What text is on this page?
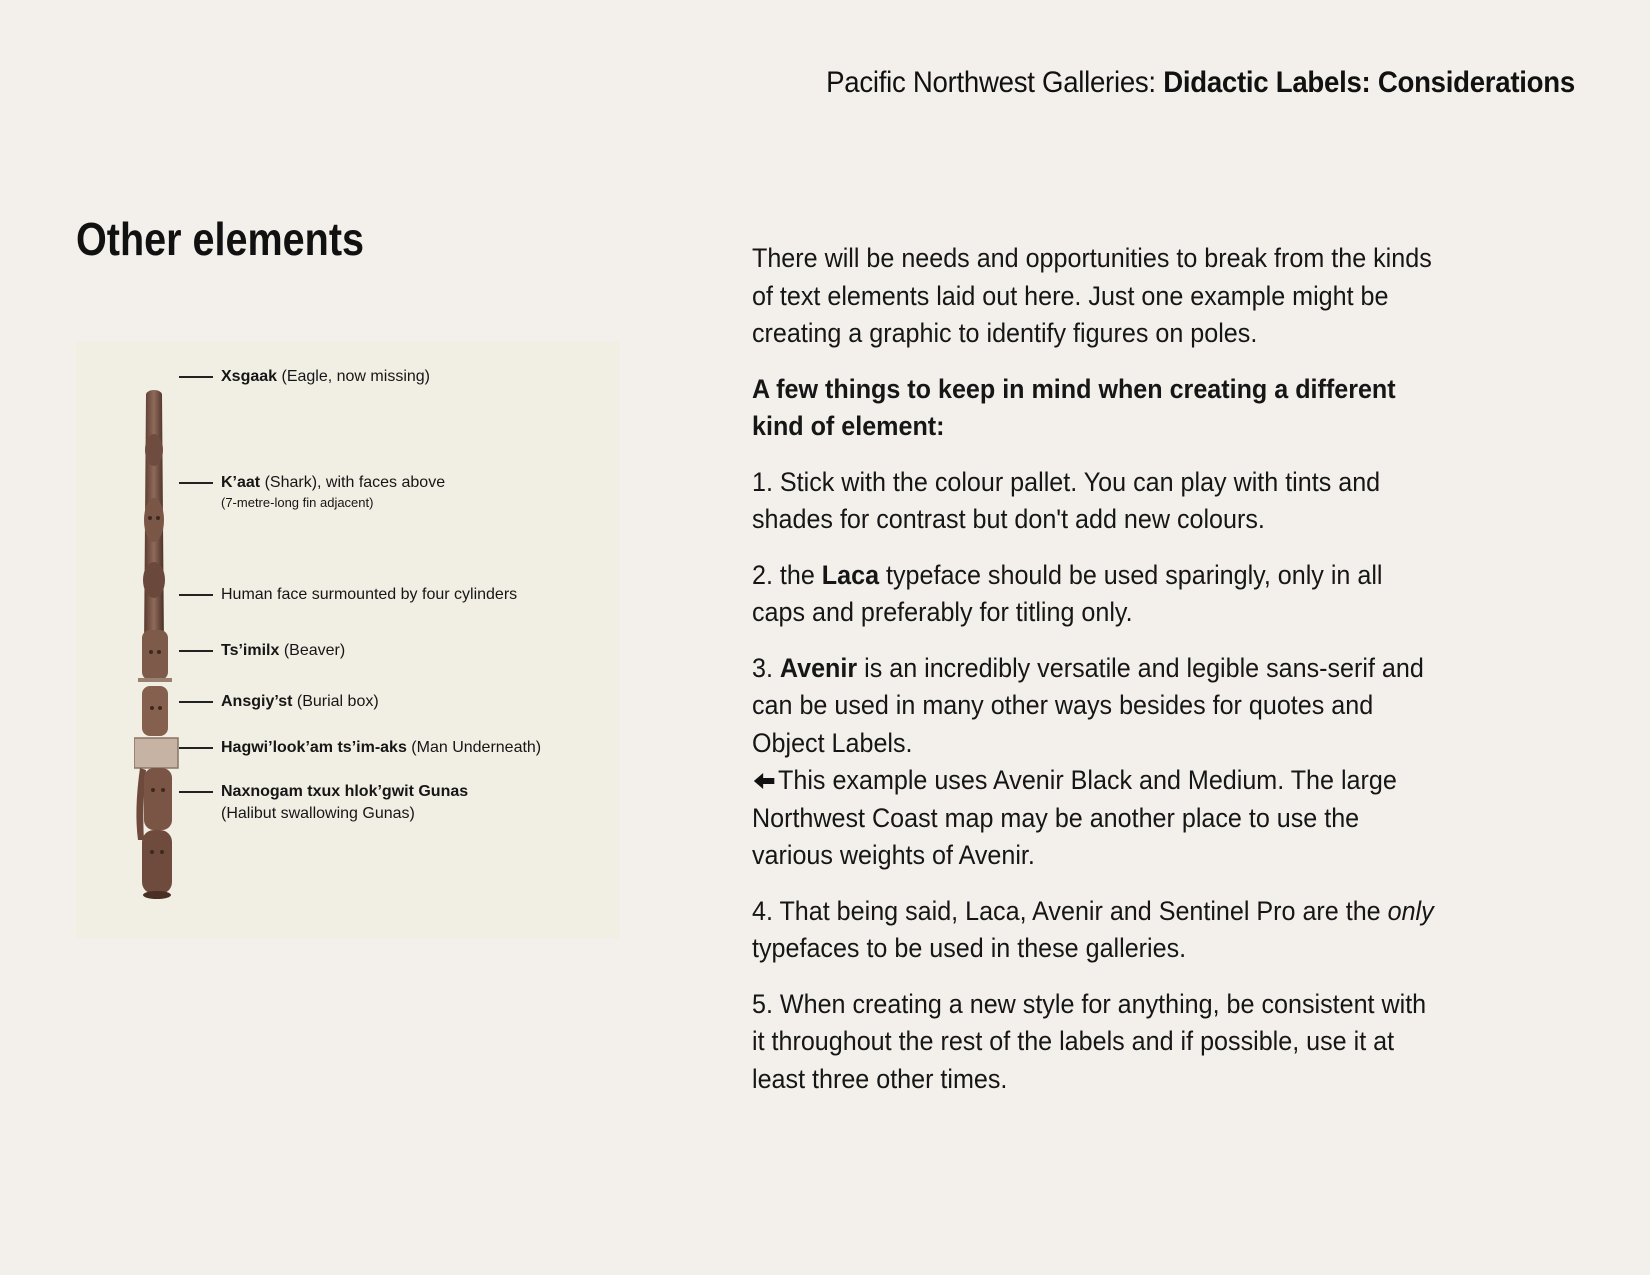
Pacific Northwest Galleries: Didactic Labels: Considerations
Other elements
Xsgaak (Eagle, now missing)
K’aat (Shark), with faces above
(7-metre-long fin adjacent)
Human face surmounted by four cylinders
Ts’imilx (Beaver)
Ansgiy’st (Burial box)
Hagwi’look’am ts’im-aks (Man Underneath)
Naxnogam txux hlok’gwit Gunas
(Halibut swallowing Gunas)

There will be needs and opportunities to break from the kinds of text elements laid out here. Just one example might be creating a graphic to identify figures on poles.

A few things to keep in mind when creating a different kind of element:

1. Stick with the colour pallet. You can play with tints and shades for contrast but don't add new colours.

2. the Laca typeface should be used sparingly, only in all caps and preferably for titling only.

3. Avenir is an incredibly versatile and legible sans-serif and can be used in many other ways besides for quotes and Object Labels.
This example uses Avenir Black and Medium. The large Northwest Coast map may be another place to use the various weights of Avenir.

4. That being said, Laca, Avenir and Sentinel Pro are the only typefaces to be used in these galleries.

5. When creating a new style for anything, be consistent with it throughout the rest of the labels and if possible, use it at least three other times.
